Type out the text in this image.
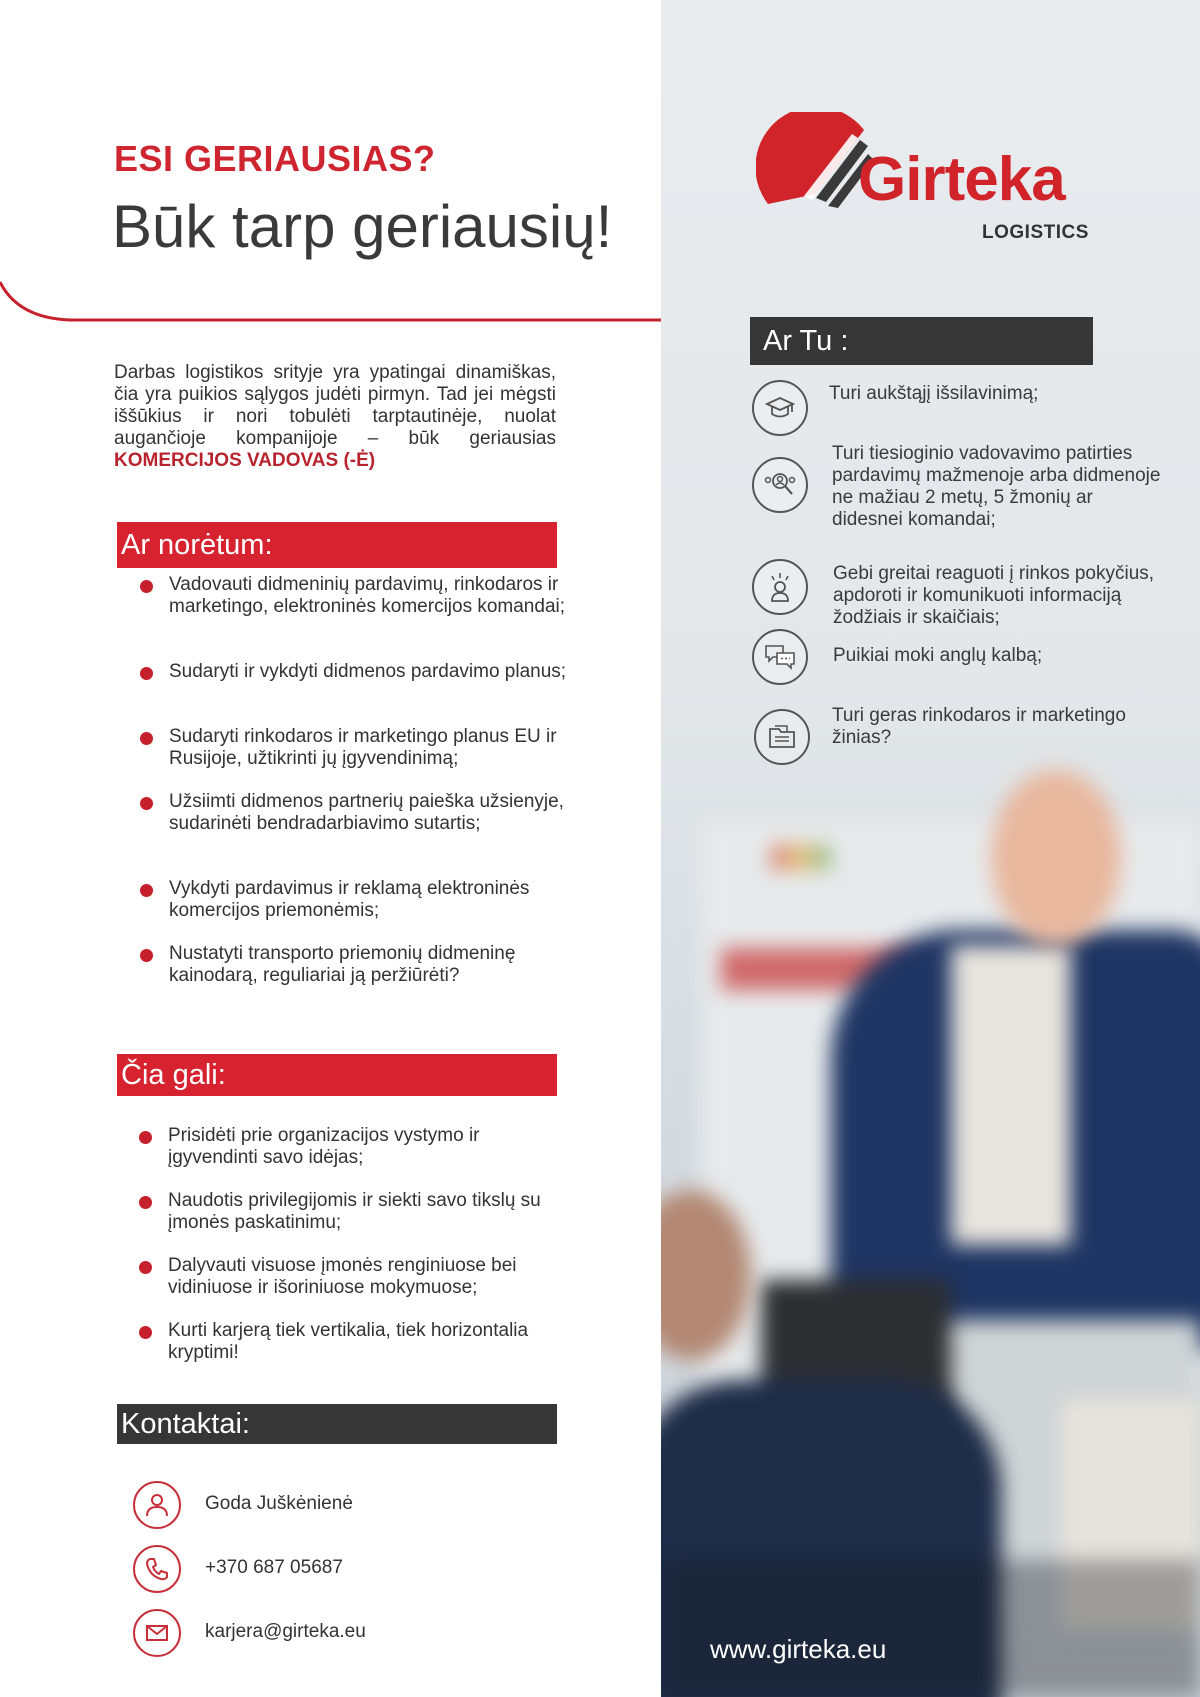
ESI GERIAUSIAS?
Būk tarp geriausių!

Darbas logistikos srityje yra ypatingai dinamiškas, čia yra puikios sąlygos judėti pirmyn. Tad jei mėgsti iššūkius ir nori tobulėti tarptautinėje, nuolat augančioje kompanijoje – būk geriausias KOMERCIJOS VADOVAS (-Ė)

Ar norėtum:
Vadovauti didmeninių pardavimų, rinkodaros ir marketingo, elektroninės komercijos komandai;
Sudaryti ir vykdyti didmenos pardavimo planus;
Sudaryti rinkodaros ir marketingo planus EU ir Rusijoje, užtikrinti jų įgyvendinimą;
Užsiimti didmenos partnerių paieška užsienyje, sudarinėti bendradarbiavimo sutartis;
Vykdyti pardavimus ir reklamą elektroninės komercijos priemonėmis;
Nustatyti transporto priemonių didmeninę kainodarą, reguliariai ją peržiūrėti?
Čia gali:
Prisidėti prie organizacijos vystymo ir įgyvendinti savo idėjas;
Naudotis privilegijomis ir siekti savo tikslų su įmonės paskatinimu;
Dalyvauti visuose įmonės renginiuose bei vidiniuose ir išoriniuose mokymuose;
Kurti karjerą tiek vertikalia, tiek horizontalia kryptimi!
Kontaktai:
Goda Juškėnienė
+370 687 05687
karjera@girteka.eu
Girteka
LOGISTICS
Ar Tu :
Turi aukštąjį išsilavinimą;
Turi tiesioginio vadovavimo patirties pardavimų mažmenoje arba didmenoje ne mažiau 2 metų, 5 žmonių ar didesnei komandai;
Gebi greitai reaguoti į rinkos pokyčius, apdoroti ir komunikuoti informaciją žodžiais ir skaičiais;
Puikiai moki anglų kalbą;
Turi geras rinkodaros ir marketingo žinias?
www.girteka.eu
